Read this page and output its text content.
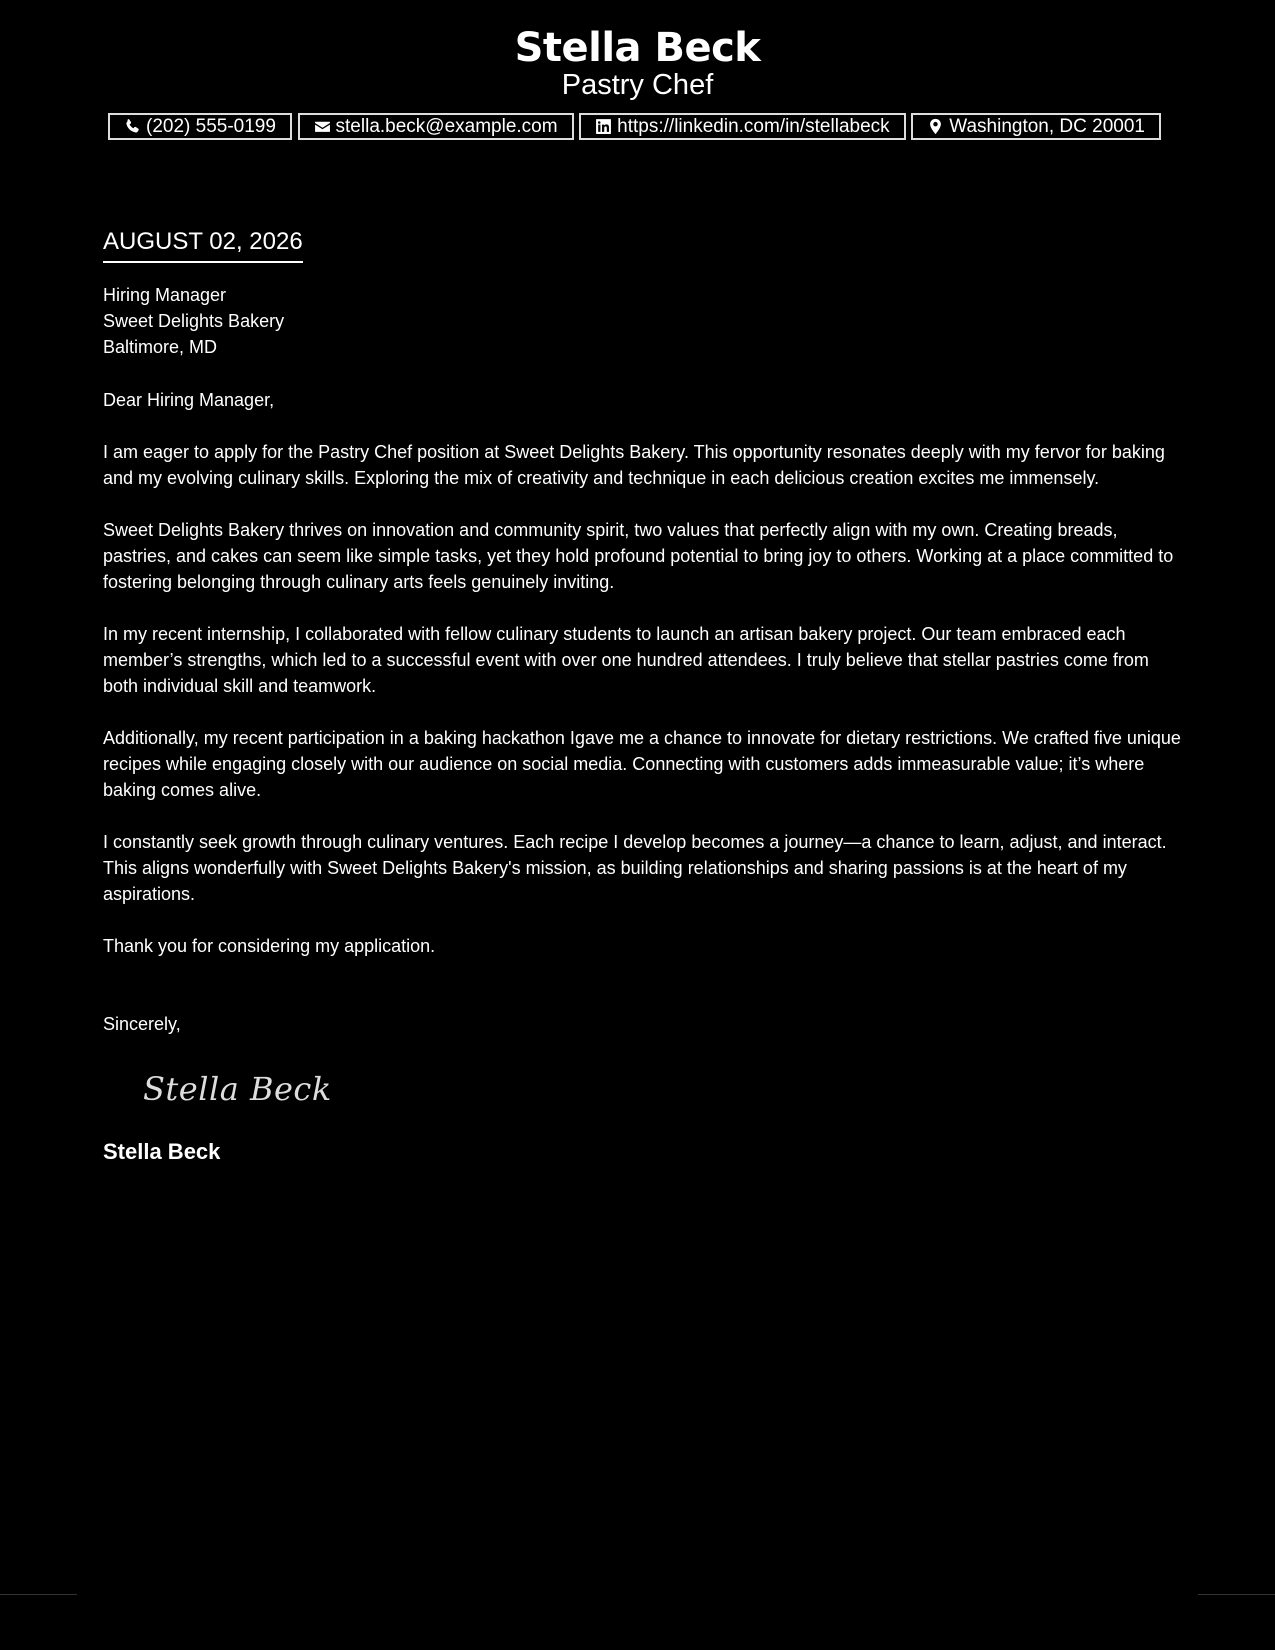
Stella Beck
Pastry Chef
(202) 555-0199	stella.beck@example.com	https://linkedin.com/in/stellabeck	Washington, DC 20001
AUGUST 02, 2026
Hiring Manager
Sweet Delights Bakery
Baltimore, MD
Dear Hiring Manager,

I am eager to apply for the Pastry Chef position at Sweet Delights Bakery. This opportunity resonates deeply with my fervor for baking and my evolving culinary skills. Exploring the mix of creativity and technique in each delicious creation excites me immensely.

Sweet Delights Bakery thrives on innovation and community spirit, two values that perfectly align with my own. Creating breads, pastries, and cakes can seem like simple tasks, yet they hold profound potential to bring joy to others. Working at a place committed to fostering belonging through culinary arts feels genuinely inviting.

In my recent internship, I collaborated with fellow culinary students to launch an artisan bakery project. Our team embraced each member’s strengths, which led to a successful event with over one hundred attendees. I truly believe that stellar pastries come from both individual skill and teamwork.

Additionally, my recent participation in a baking hackathon Igave me a chance to innovate for dietary restrictions. We crafted five unique recipes while engaging closely with our audience on social media. Connecting with customers adds immeasurable value; it’s where baking comes alive.

I constantly seek growth through culinary ventures. Each recipe I develop becomes a journey—a chance to learn, adjust, and interact. This aligns wonderfully with Sweet Delights Bakery's mission, as building relationships and sharing passions is at the heart of my aspirations.

Thank you for considering my application.

Sincerely,
Stella Beck
Stella Beck
